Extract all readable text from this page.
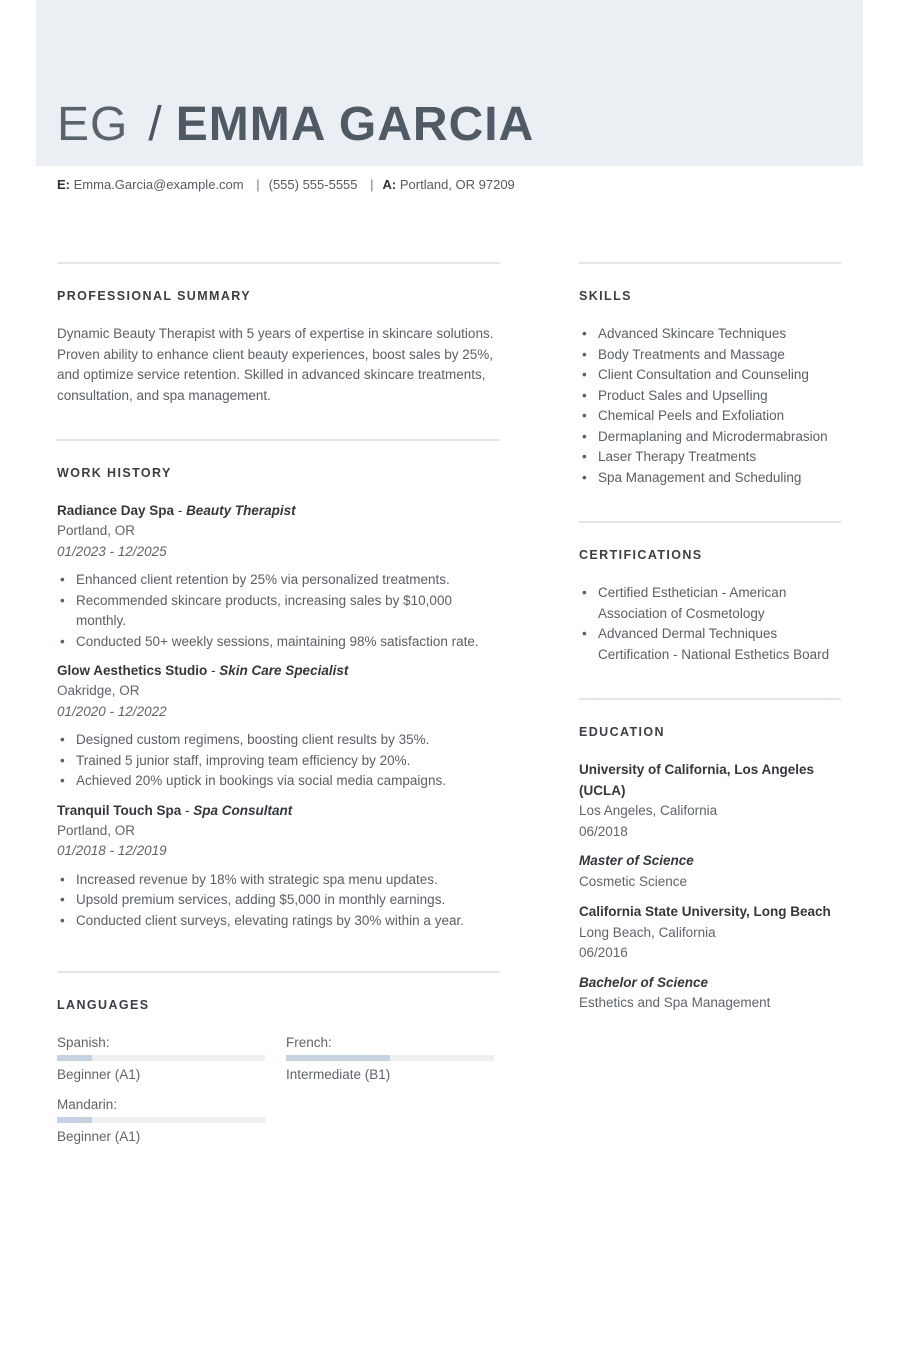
EG / EMMA GARCIA
E: Emma.Garcia@example.com | (555) 555-5555 | A: Portland, OR 97209
PROFESSIONAL SUMMARY

Dynamic Beauty Therapist with 5 years of expertise in skincare solutions. Proven ability to enhance client beauty experiences, boost sales by 25%, and optimize service retention. Skilled in advanced skincare treatments, consultation, and spa management.

WORK HISTORY
Radiance Day Spa - Beauty Therapist
Portland, OR
01/2023 - 12/2025
• Enhanced client retention by 25% via personalized treatments.
• Recommended skincare products, increasing sales by $10,000 monthly.
• Conducted 50+ weekly sessions, maintaining 98% satisfaction rate.
Glow Aesthetics Studio - Skin Care Specialist
Oakridge, OR
01/2020 - 12/2022
• Designed custom regimens, boosting client results by 35%.
• Trained 5 junior staff, improving team efficiency by 20%.
• Achieved 20% uptick in bookings via social media campaigns.
Tranquil Touch Spa - Spa Consultant
Portland, OR
01/2018 - 12/2019
• Increased revenue by 18% with strategic spa menu updates.
• Upsold premium services, adding $5,000 in monthly earnings.
• Conducted client surveys, elevating ratings by 30% within a year.
LANGUAGES
Spanish:
Beginner (A1)
French:
Intermediate (B1)
Mandarin:
Beginner (A1)
SKILLS
• Advanced Skincare Techniques
• Body Treatments and Massage
• Client Consultation and Counseling
• Product Sales and Upselling
• Chemical Peels and Exfoliation
• Dermaplaning and Microdermabrasion
• Laser Therapy Treatments
• Spa Management and Scheduling
CERTIFICATIONS
• Certified Esthetician - American Association of Cosmetology
• Advanced Dermal Techniques Certification - National Esthetics Board
EDUCATION
University of California, Los Angeles (UCLA)
Los Angeles, California
06/2018
Master of Science
Cosmetic Science
California State University, Long Beach
Long Beach, California
06/2016
Bachelor of Science
Esthetics and Spa Management
